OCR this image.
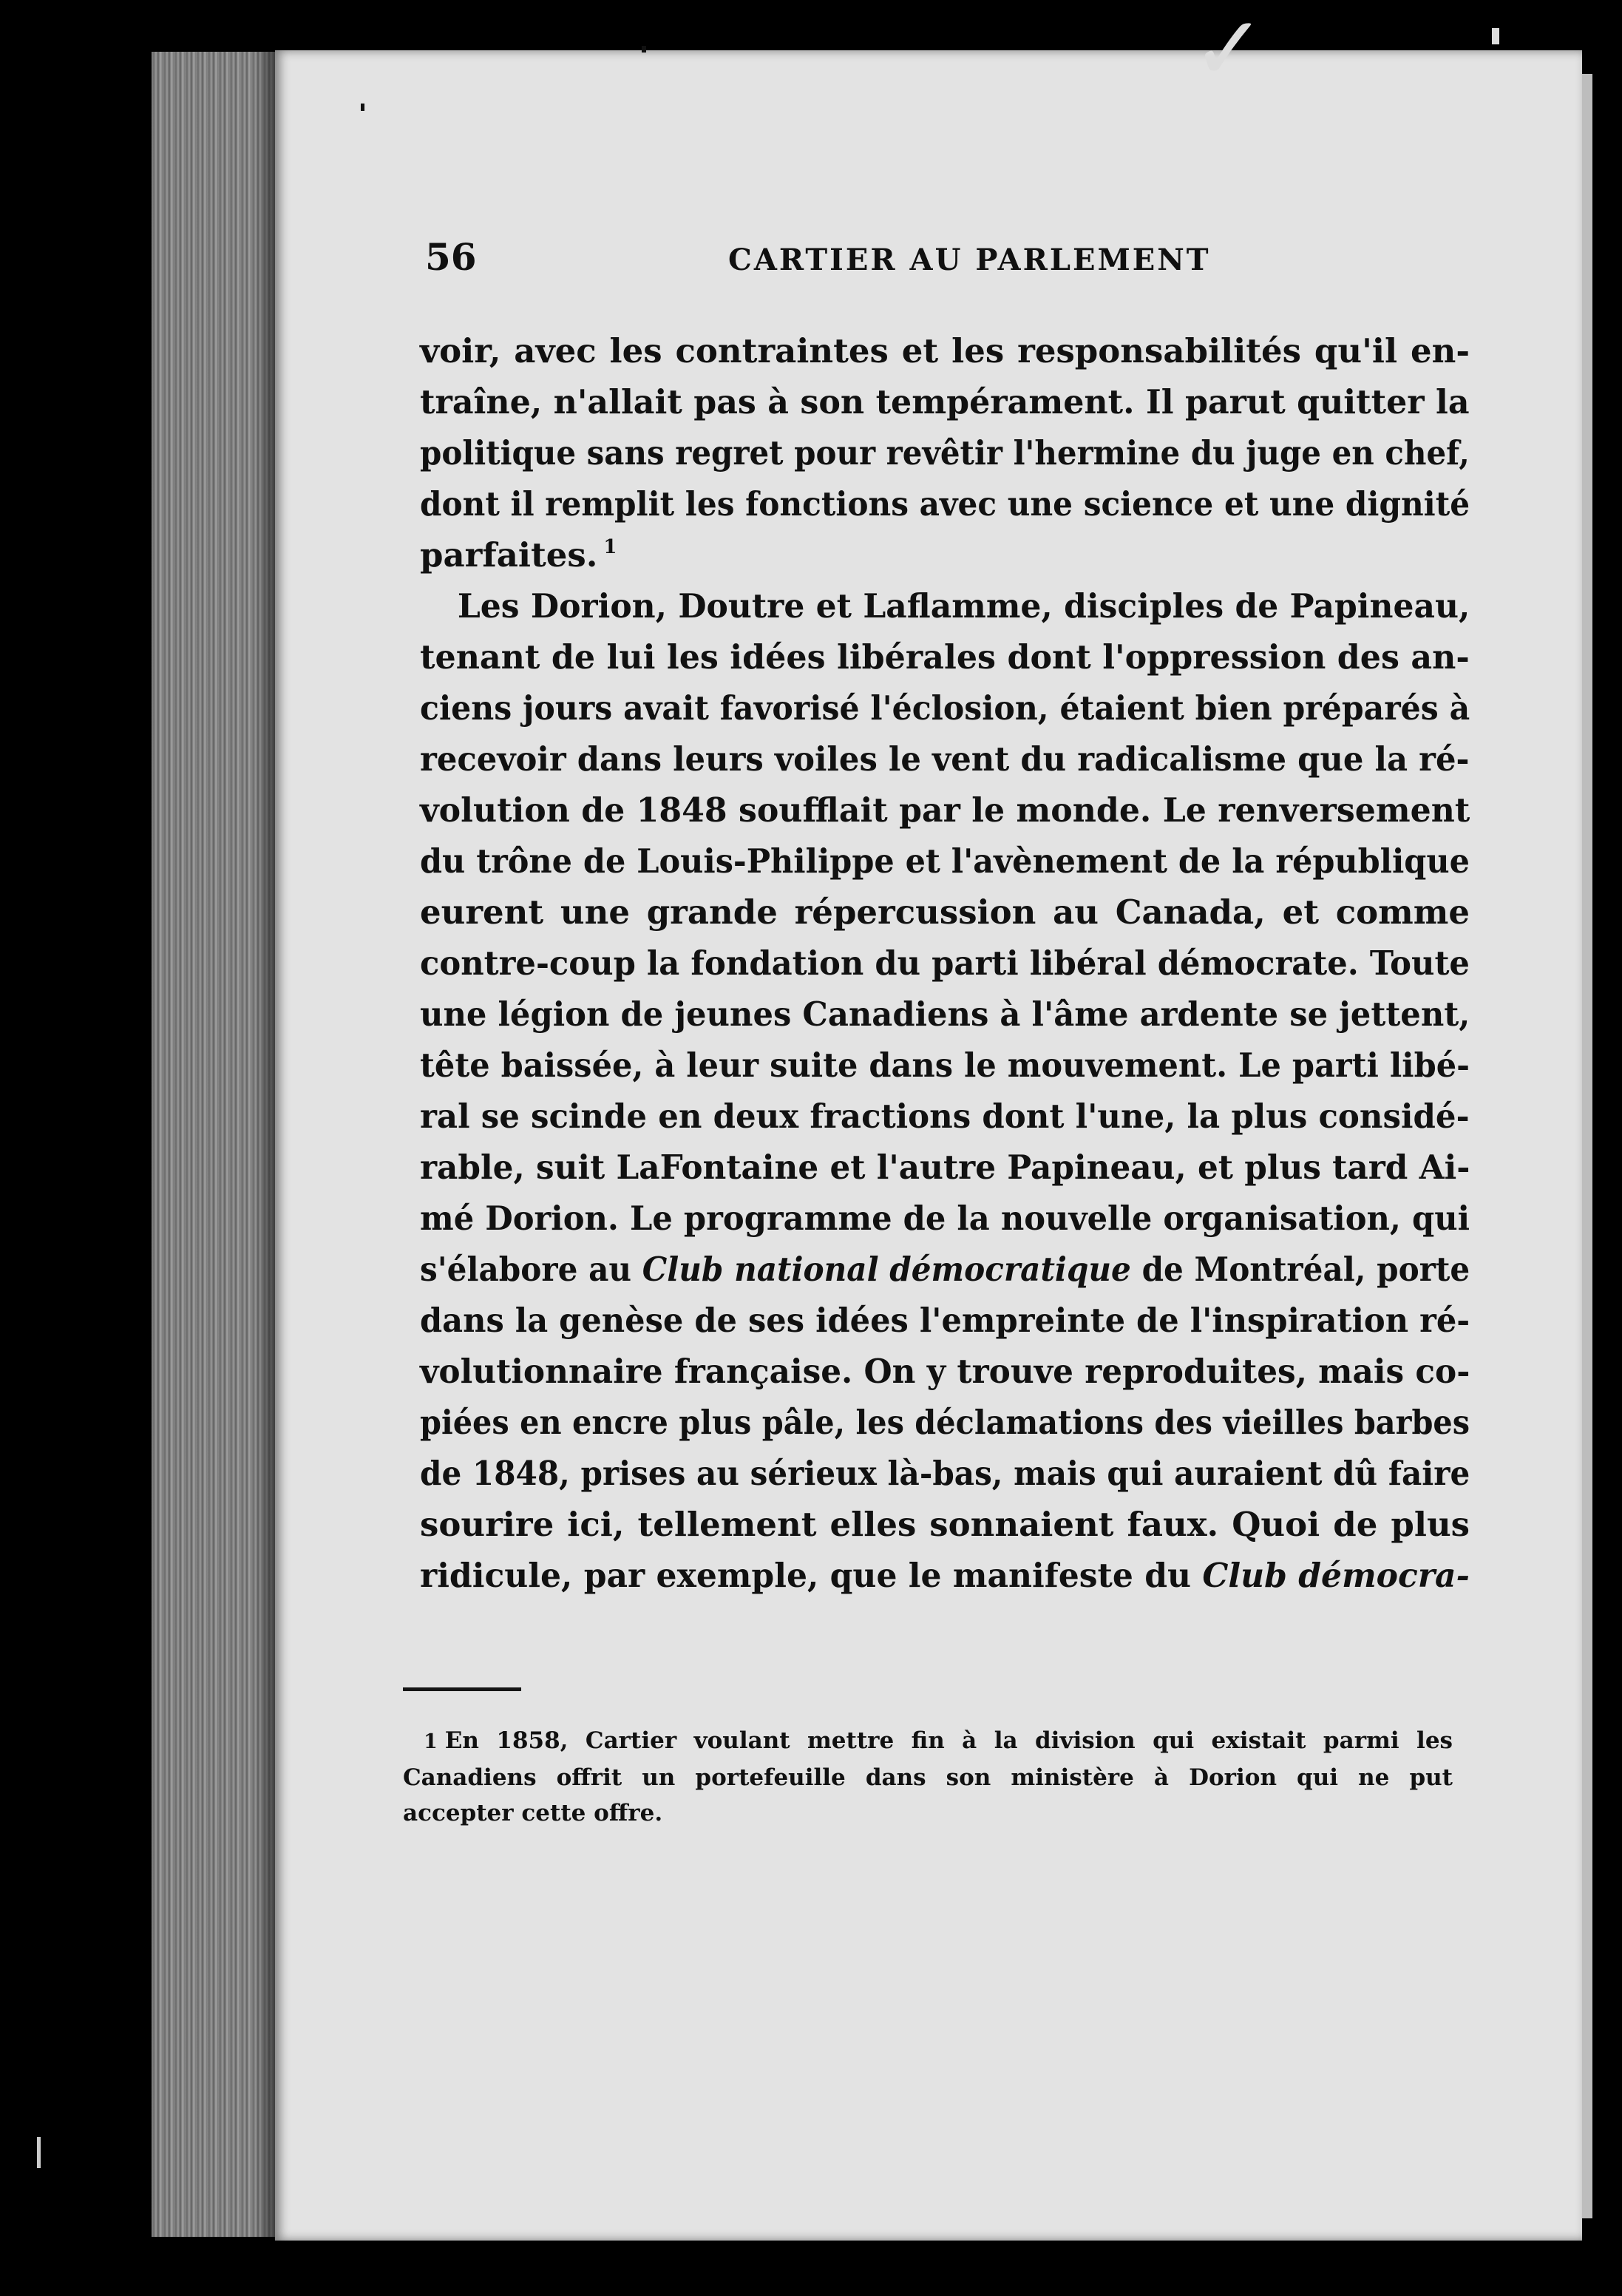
✓
56	CARTIER AU PARLEMENT
voir, avec les contraintes et les responsabilités qu'il en-
traîne, n'allait pas à son tempérament. Il parut quitter la
politique sans regret pour revêtir l'hermine du juge en chef,
dont il remplit les fonctions avec une science et une dignité
parfaites. $^1$
Les Dorion, Doutre et Laflamme, disciples de Papineau,
tenant de lui les idées libérales dont l'oppression des an-
ciens jours avait favorisé l'éclosion, étaient bien préparés à
recevoir dans leurs voiles le vent du radicalisme que la ré-
volution de 1848 soufflait par le monde. Le renversement
du trône de Louis-Philippe et l'avènement de la république
eurent une grande répercussion au Canada, et comme
contre-coup la fondation du parti libéral démocrate. Toute
une légion de jeunes Canadiens à l'âme ardente se jettent,
tête baissée, à leur suite dans le mouvement. Le parti libé-
ral se scinde en deux fractions dont l'une, la plus considé-
rable, suit LaFontaine et l'autre Papineau, et plus tard Ai-
mé Dorion. Le programme de la nouvelle organisation, qui
s'élabore au Club national démocratique de Montréal, porte
dans la genèse de ses idées l'empreinte de l'inspiration ré-
volutionnaire française. On y trouve reproduites, mais co-
piées en encre plus pâle, les déclamations des vieilles barbes
de 1848, prises au sérieux là-bas, mais qui auraient dû faire
sourire ici, tellement elles sonnaient faux. Quoi de plus
ridicule, par exemple, que le manifeste du Club démocra-
1 En 1858, Cartier voulant mettre fin à la division qui existait parmi les
Canadiens offrit un portefeuille dans son ministère à Dorion qui ne put
accepter cette offre.
